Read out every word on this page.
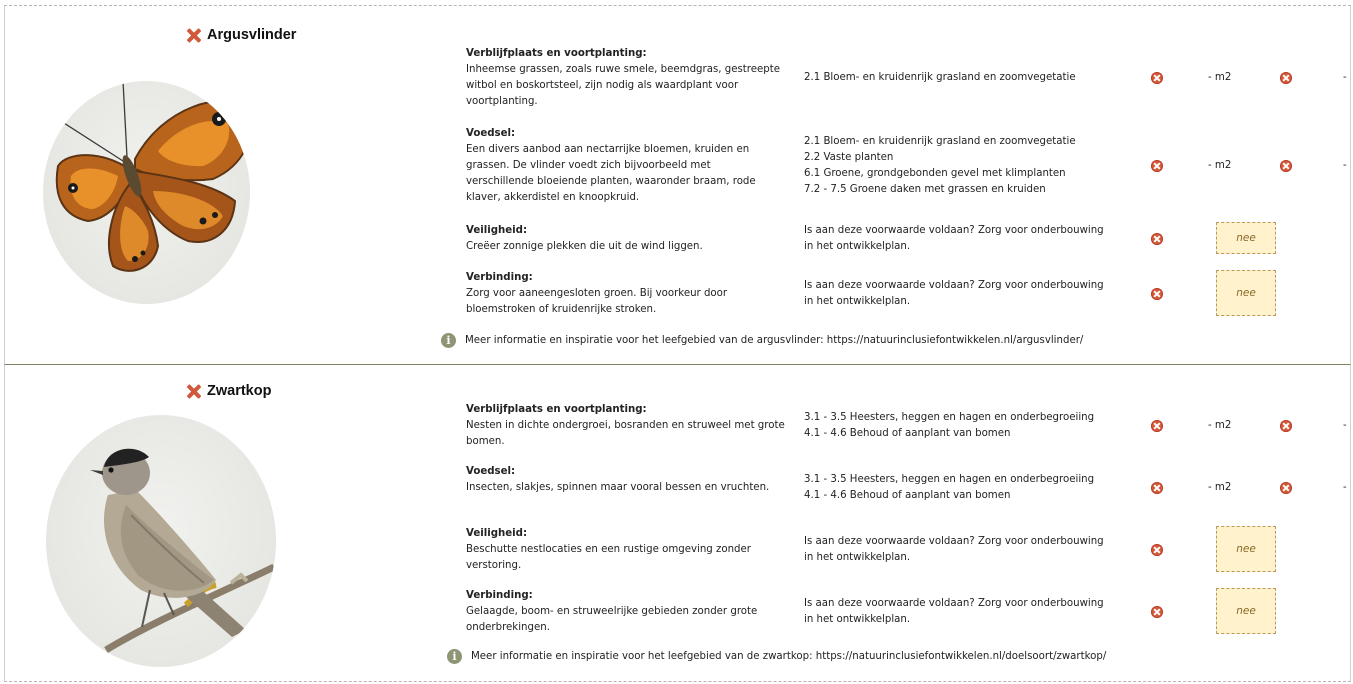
Argusvlinder
Verblijfplaats en voortplanting:
Inheemse grassen, zoals ruwe smele, beemdgras, gestreepte witbol en boskortsteel, zijn nodig als waardplant voor voortplanting.
2.1 Bloem- en kruidenrijk grasland en zoomvegetatie	- m2	-
Voedsel:
Een divers aanbod aan nectarrijke bloemen, kruiden en grassen. De vlinder voedt zich bijvoorbeeld met verschillende bloeiende planten, waaronder braam, rode klaver, akkerdistel en knoopkruid.
2.1 Bloem- en kruidenrijk grasland en zoomvegetatie
2.2 Vaste planten
6.1 Groene, grondgebonden gevel met klimplanten
7.2 - 7.5 Groene daken met grassen en kruiden
- m2	-
Veiligheid:
Creëer zonnige plekken die uit de wind liggen.
Is aan deze voorwaarde voldaan? Zorg voor onderbouwing
in het ontwikkelplan.
nee
Verbinding:
Zorg voor aaneengesloten groen. Bij voorkeur door bloemstroken of kruidenrijke stroken.
Is aan deze voorwaarde voldaan? Zorg voor onderbouwing
in het ontwikkelplan.
nee
i	Meer informatie en inspiratie voor het leefgebied van de argusvlinder: https://natuurinclusiefontwikkelen.nl/argusvlinder/
Zwartkop
Verblijfplaats en voortplanting:
Nesten in dichte ondergroei, bosranden en struweel met grote bomen.
3.1 - 3.5 Heesters, heggen en hagen en onderbegroeiing
4.1 - 4.6 Behoud of aanplant van bomen
- m2	-
Voedsel:
Insecten, slakjes, spinnen maar vooral bessen en vruchten.
3.1 - 3.5 Heesters, heggen en hagen en onderbegroeiing
4.1 - 4.6 Behoud of aanplant van bomen
- m2	-
Veiligheid:
Beschutte nestlocaties en een rustige omgeving zonder verstoring.
Is aan deze voorwaarde voldaan? Zorg voor onderbouwing
in het ontwikkelplan.
nee
Verbinding:
Gelaagde, boom- en struweelrijke gebieden zonder grote onderbrekingen.
Is aan deze voorwaarde voldaan? Zorg voor onderbouwing
in het ontwikkelplan.
nee
i	Meer informatie en inspiratie voor het leefgebied van de zwartkop: https://natuurinclusiefontwikkelen.nl/doelsoort/zwartkop/
